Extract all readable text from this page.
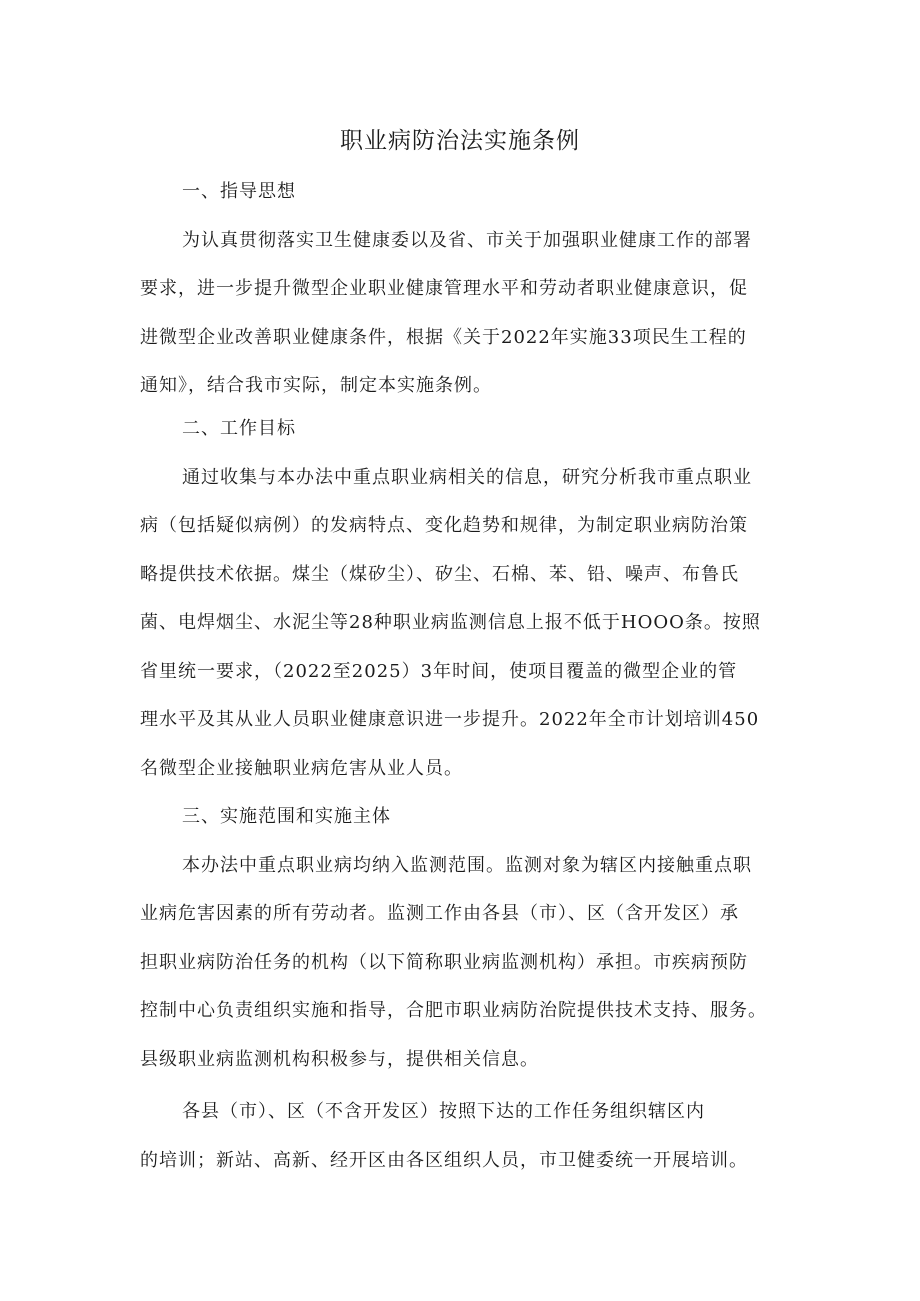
职业病防治法实施条例
一、指导思想
为认真贯彻落实卫生健康委以及省、市关于加强职业健康工作的部署
要求，进一步提升微型企业职业健康管理水平和劳动者职业健康意识，促
进微型企业改善职业健康条件，根据《关于2022年实施33项民生工程的
通知》，结合我市实际，制定本实施条例。
二、工作目标
通过收集与本办法中重点职业病相关的信息，研究分析我市重点职业
病（包括疑似病例）的发病特点、变化趋势和规律，为制定职业病防治策
略提供技术依据。煤尘（煤矽尘）、矽尘、石棉、苯、铅、噪声、布鲁氏
菌、电焊烟尘、水泥尘等28种职业病监测信息上报不低于HOOO条。按照
省里统一要求，（2022至2025）3年时间，使项目覆盖的微型企业的管
理水平及其从业人员职业健康意识进一步提升。2022年全市计划培训450
名微型企业接触职业病危害从业人员。
三、实施范围和实施主体
本办法中重点职业病均纳入监测范围。监测对象为辖区内接触重点职
业病危害因素的所有劳动者。监测工作由各县（市）、区（含开发区）承
担职业病防治任务的机构（以下简称职业病监测机构）承担。市疾病预防
控制中心负责组织实施和指导，合肥市职业病防治院提供技术支持、服务。
县级职业病监测机构积极参与，提供相关信息。
各县（市）、区（不含开发区）按照下达的工作任务组织辖区内
的培训；新站、高新、经开区由各区组织人员，市卫健委统一开展培训。
